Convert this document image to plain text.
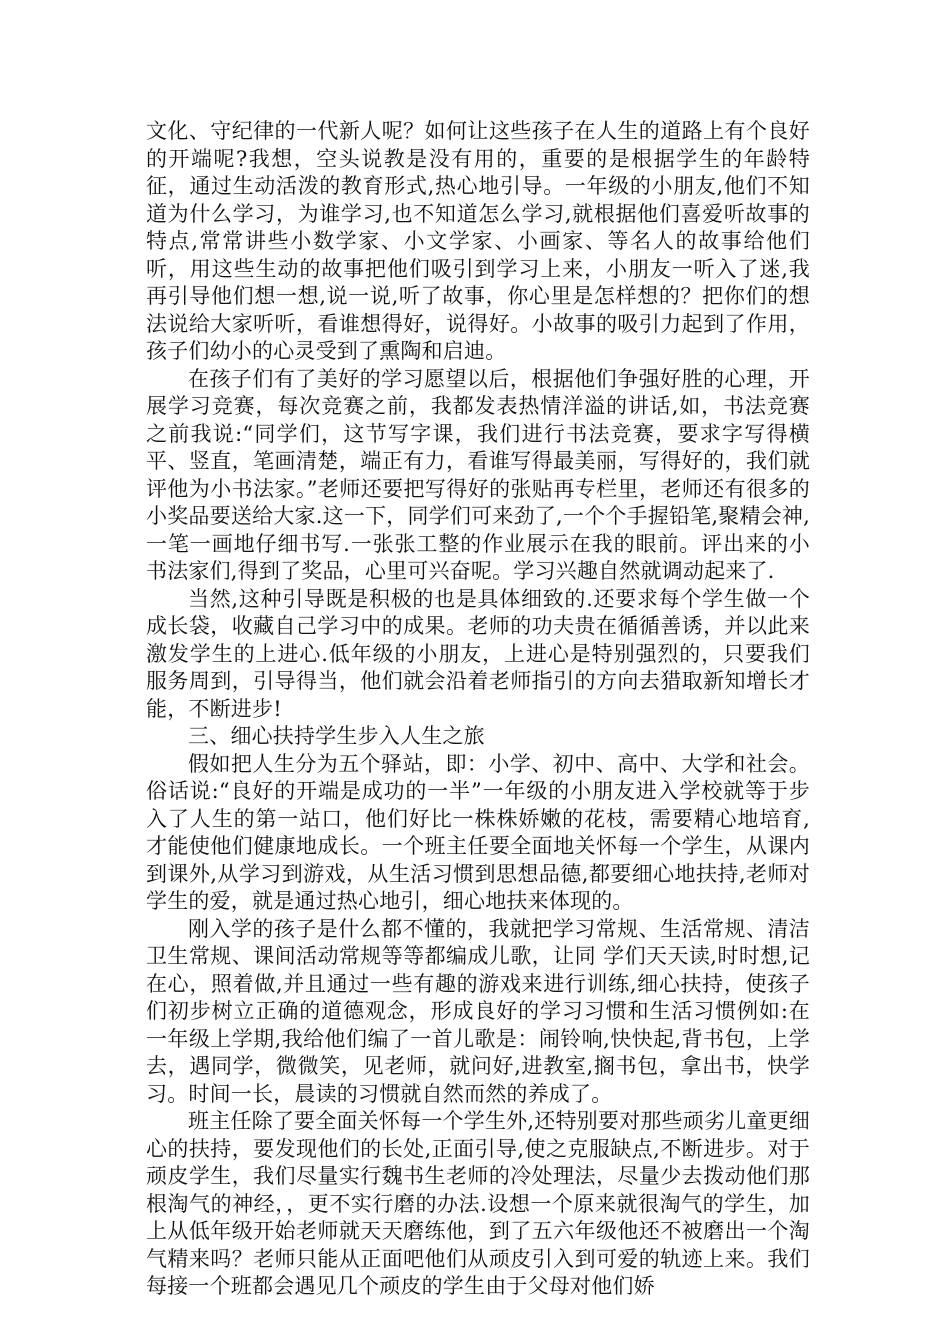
文化、守纪律的一代新人呢？如何让这些孩子在人生的道路上有个良好的开端呢?我想，空头说教是没有用的，重要的是根据学生的年龄特征，通过生动活泼的教育形式,热心地引导。一年级的小朋友,他们不知道为什么学习，为谁学习,也不知道怎么学习,就根据他们喜爱听故事的特点,常常讲些小数学家、小文学家、小画家、等名人的故事给他们听，用这些生动的故事把他们吸引到学习上来，小朋友一听入了迷,我再引导他们想一想,说一说,听了故事，你心里是怎样想的？把你们的想法说给大家听听，看谁想得好，说得好。小故事的吸引力起到了作用，孩子们幼小的心灵受到了熏陶和启迪。

在孩子们有了美好的学习愿望以后，根据他们争强好胜的心理，开展学习竞赛，每次竞赛之前，我都发表热情洋溢的讲话,如，书法竞赛之前我说:“同学们，这节写字课，我们进行书法竞赛，要求字写得横平、竖直，笔画清楚，端正有力，看谁写得最美丽，写得好的，我们就评他为小书法家。”老师还要把写得好的张贴再专栏里，老师还有很多的小奖品要送给大家.这一下，同学们可来劲了,一个个手握铅笔,聚精会神,一笔一画地仔细书写.一张张工整的作业展示在我的眼前。评出来的小书法家们,得到了奖品，心里可兴奋呢。学习兴趣自然就调动起来了.

当然,这种引导既是积极的也是具体细致的.还要求每个学生做一个成长袋，收藏自己学习中的成果。老师的功夫贵在循循善诱，并以此来激发学生的上进心.低年级的小朋友，上进心是特别强烈的，只要我们服务周到，引导得当，他们就会沿着老师指引的方向去猎取新知增长才能，不断进步!

三、细心扶持学生步入人生之旅

假如把人生分为五个驿站，即：小学、初中、高中、大学和社会。俗话说:“良好的开端是成功的一半”一年级的小朋友进入学校就等于步入了人生的第一站口，他们好比一株株娇嫩的花枝，需要精心地培育,才能使他们健康地成长。一个班主任要全面地关怀每一个学生，从课内到课外,从学习到游戏，从生活习惯到思想品德,都要细心地扶持,老师对学生的爱，就是通过热心地引，细心地扶来体现的。

刚入学的孩子是什么都不懂的，我就把学习常规、生活常规、清洁卫生常规、课间活动常规等等都编成儿歌，让同 学们天天读,时时想,记在心，照着做,并且通过一些有趣的游戏来进行训练,细心扶持，使孩子们初步树立正确的道德观念，形成良好的学习习惯和生活习惯例如:在一年级上学期,我给他们编了一首儿歌是：闹铃响,快快起,背书包，上学去，遇同学，微微笑，见老师，就问好,进教室,搁书包，拿出书，快学习。时间一长，晨读的习惯就自然而然的养成了。

班主任除了要全面关怀每一个学生外,还特别要对那些顽劣儿童更细心的扶持，要发现他们的长处,正面引导,使之克服缺点,不断进步。对于顽皮学生，我们尽量实行魏书生老师的冷处理法，尽量少去拨动他们那根淘气的神经，，更不实行磨的办法.设想一个原来就很淘气的学生，加上从低年级开始老师就天天磨练他，到了五六年级他还不被磨出一个淘气精来吗？老师只能从正面吧他们从顽皮引入到可爱的轨迹上来。我们每接一个班都会遇见几个顽皮的学生由于父母对他们娇
